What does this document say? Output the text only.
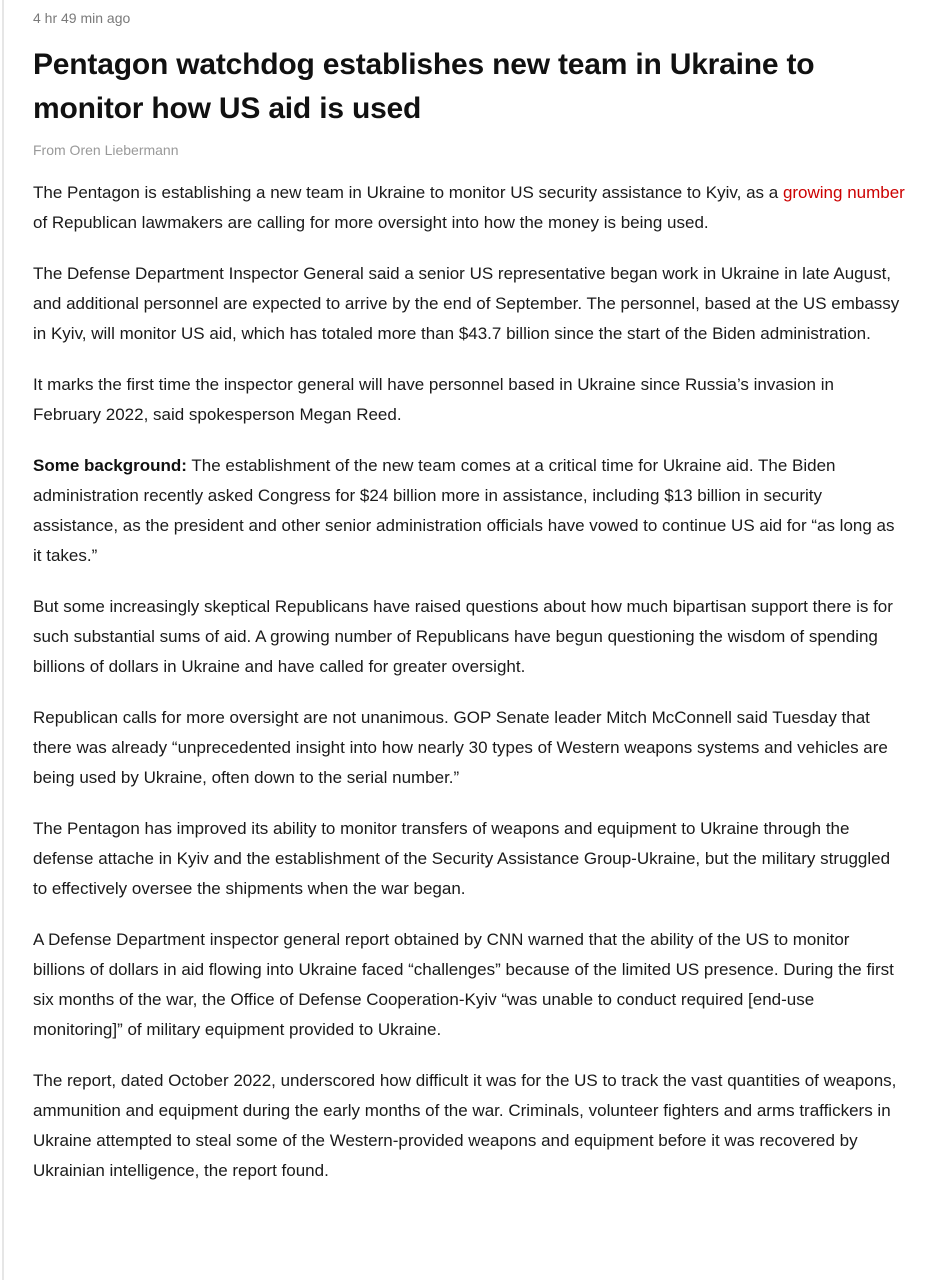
4 hr 49 min ago
Pentagon watchdog establishes new team in Ukraine to monitor how US aid is used
From Oren Liebermann

The Pentagon is establishing a new team in Ukraine to monitor US security assistance to Kyiv, as a growing number of Republican lawmakers are calling for more oversight into how the money is being used.

The Defense Department Inspector General said a senior US representative began work in Ukraine in late August, and additional personnel are expected to arrive by the end of September. The personnel, based at the US embassy in Kyiv, will monitor US aid, which has totaled more than $43.7 billion since the start of the Biden administration.

It marks the first time the inspector general will have personnel based in Ukraine since Russia’s invasion in February 2022, said spokesperson Megan Reed.

Some background: The establishment of the new team comes at a critical time for Ukraine aid. The Biden administration recently asked Congress for $24 billion more in assistance, including $13 billion in security assistance, as the president and other senior administration officials have vowed to continue US aid for “as long as it takes.”

But some increasingly skeptical Republicans have raised questions about how much bipartisan support there is for such substantial sums of aid. A growing number of Republicans have begun questioning the wisdom of spending billions of dollars in Ukraine and have called for greater oversight.

Republican calls for more oversight are not unanimous. GOP Senate leader Mitch McConnell said Tuesday that there was already “unprecedented insight into how nearly 30 types of Western weapons systems and vehicles are being used by Ukraine, often down to the serial number.”

The Pentagon has improved its ability to monitor transfers of weapons and equipment to Ukraine through the defense attache in Kyiv and the establishment of the Security Assistance Group-Ukraine, but the military struggled to effectively oversee the shipments when the war began.

A Defense Department inspector general report obtained by CNN warned that the ability of the US to monitor billions of dollars in aid flowing into Ukraine faced “challenges” because of the limited US presence. During the first six months of the war, the Office of Defense Cooperation-Kyiv “was unable to conduct required [end-use monitoring]” of military equipment provided to Ukraine.

The report, dated October 2022, underscored how difficult it was for the US to track the vast quantities of weapons, ammunition and equipment during the early months of the war. Criminals, volunteer fighters and arms traffickers in Ukraine attempted to steal some of the Western-provided weapons and equipment before it was recovered by Ukrainian intelligence, the report found.
